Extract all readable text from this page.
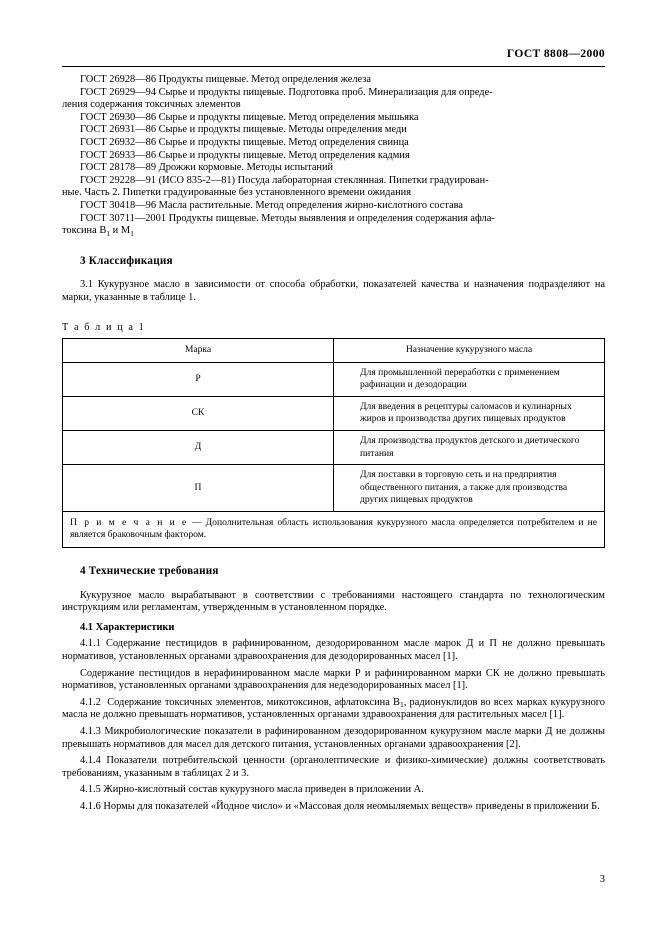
ГОСТ 8808—2000

ГОСТ 26928—86 Продукты пищевые. Метод определения железа

ГОСТ 26929—94 Сырье и продукты пищевые. Подготовка проб. Минерализация для опреде-

ления содержания токсичных элементов

ГОСТ 26930—86 Сырье и продукты пищевые. Метод определения мышьяка

ГОСТ 26931—86 Сырье и продукты пищевые. Методы определения меди

ГОСТ 26932—86 Сырье и продукты пищевые. Метод определения свинца

ГОСТ 26933—86 Сырье и продукты пищевые. Метод определения кадмия

ГОСТ 28178—89 Дрожжи кормовые. Методы испытаний

ГОСТ 29228—91 (ИСО 835-2—81) Посуда лабораторная стеклянная. Пипетки градуирован-

ные. Часть 2. Пипетки градуированные без установленного времени ожидания

ГОСТ 30418—96 Масла растительные. Метод определения жирно-кислотного состава

ГОСТ 30711—2001 Продукты пищевые. Методы выявления и определения содержания афла-

токсина $B_1$ и $M_1$

3 Классификация

3.1 Кукурузное масло в зависимости от способа обработки, показателей качества и назначения подразделяют на марки, указанные в таблице 1.

Т а б л и ц а 1
Марка	Назначение кукурузного масла
Р	Для промышленной переработки с применением рафинации и дезодорации
СК	Для введения в рецептуры саломасов и кулинарных жиров и производства других пищевых продуктов
Д	Для производства продуктов детского и диетического питания
П	Для поставки в торговую сеть и на предприятия общественного питания, а также для производства других пищевых продуктов
П р и м е ч а н и е — Дополнительная область использования кукурузного масла определяется потребителем и не является браковочным фактором.
4 Технические требования

Кукурузное масло вырабатывают в соответствии с требованиями настоящего стандарта по технологическим инструкциям или регламентам, утвержденным в установленном порядке.

4.1 Характеристики

4.1.1 Содержание пестицидов в рафинированном, дезодорированном масле марок Д и П не должно превышать нормативов, установленных органами здравоохранения для дезодорированных масел [1].

Содержание пестицидов в нерафинированном масле марки Р и рафинированном марки СК не должно превышать нормативов, установленных органами здравоохранения для недезодорированных масел [1].

4.1.2  Содержание токсичных элементов, микотоксинов, афлатоксина $B_1$, радионуклидов во всех марках кукурузного масла не должно превышать нормативов, установленных органами здравоохранения для растительных масел [1].

4.1.3 Микробиологические показатели в рафинированном дезодорированном кукурузном масле марки Д не должны превышать нормативов для масел для детского питания, установленных органами здравоохранения [2].

4.1.4 Показатели потребительской ценности (органолептические и физико-химические) должны соответствовать требованиям, указанным в таблицах 2 и 3.

4.1.5 Жирно-кислотный состав кукурузного масла приведен в приложении А.

4.1.6 Нормы для показателей «Йодное число» и «Массовая доля неомыляемых веществ» приведены в приложении Б.

3
